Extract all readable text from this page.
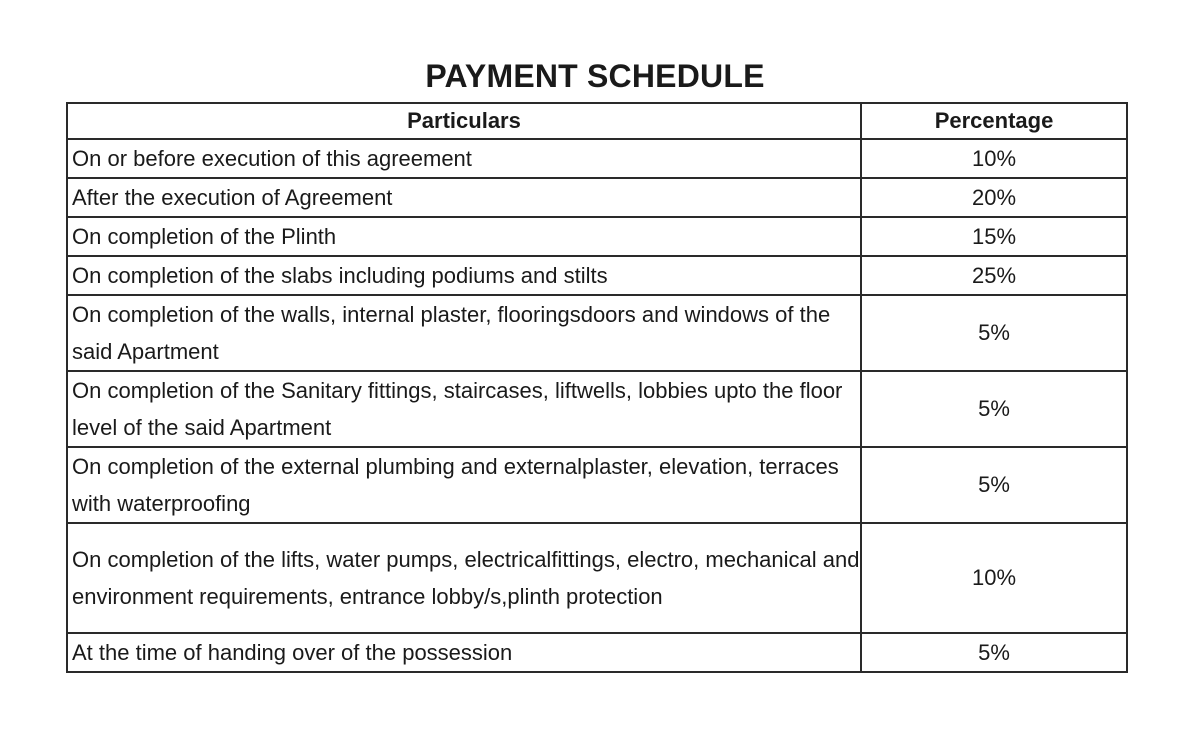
PAYMENT SCHEDULE
Particulars	Percentage
On or before execution of this agreement	10%
After the execution of Agreement	20%
On completion of the Plinth	15%
On completion of the slabs including podiums and stilts	25%
On completion of the walls, internal plaster, flooringsdoors and windows of the said Apartment	5%
On completion of the Sanitary fittings, staircases, liftwells, lobbies upto the floor level of the said Apartment	5%
On completion of the external plumbing and externalplaster, elevation, terraces with waterproofing	5%
On completion of the lifts, water pumps, electricalfittings, electro, mechanical and environment requirements, entrance lobby/s,plinth protection	10%
At the time of handing over of the possession	5%
